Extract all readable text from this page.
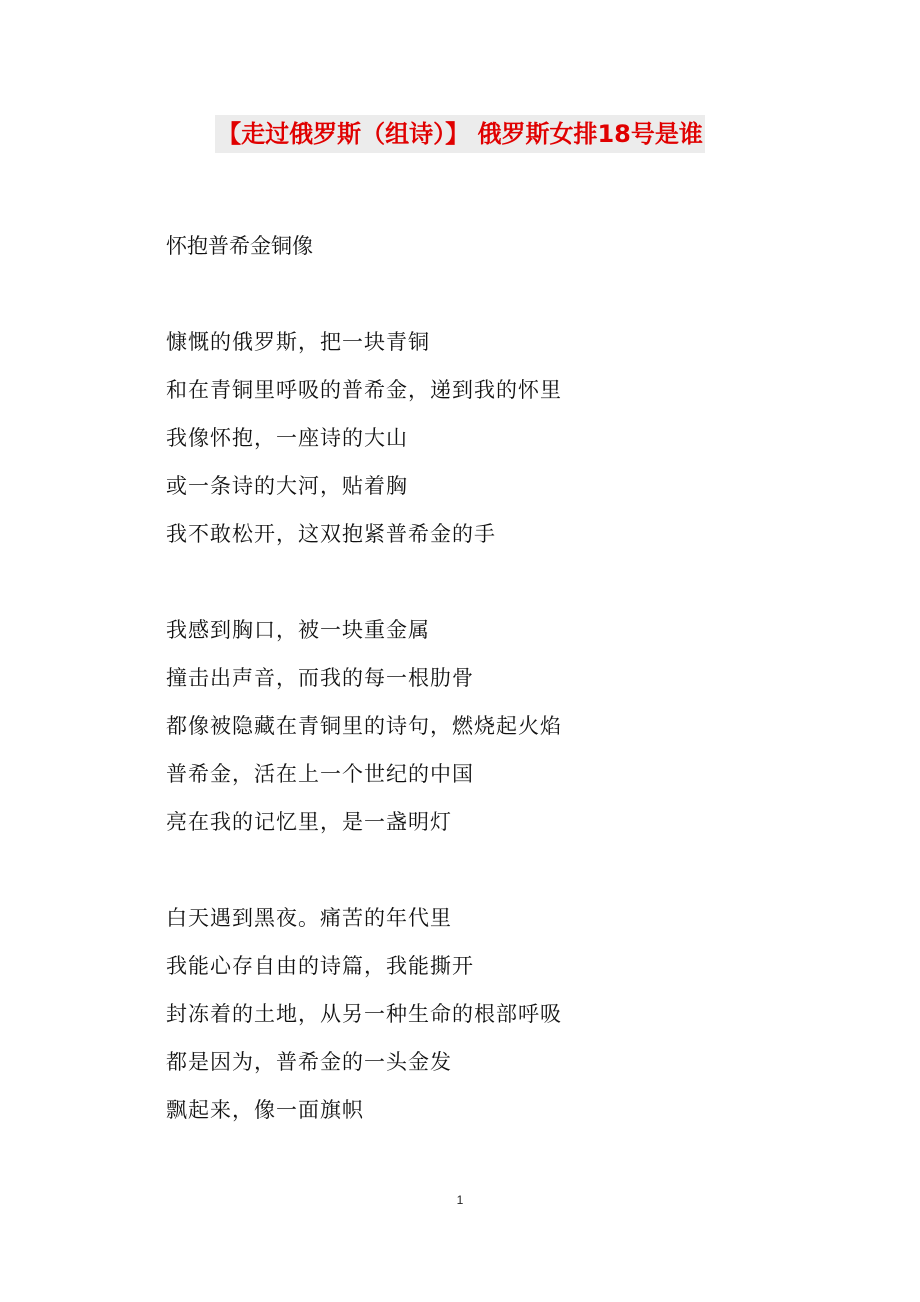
【走过俄罗斯（组诗）】 俄罗斯女排18号是谁
怀抱普希金铜像
慷慨的俄罗斯，把一块青铜
和在青铜里呼吸的普希金，递到我的怀里
我像怀抱，一座诗的大山
或一条诗的大河，贴着胸
我不敢松开，这双抱紧普希金的手
我感到胸口，被一块重金属
撞击出声音，而我的每一根肋骨
都像被隐藏在青铜里的诗句，燃烧起火焰
普希金，活在上一个世纪的中国
亮在我的记忆里，是一盏明灯
白天遇到黑夜。痛苦的年代里
我能心存自由的诗篇，我能撕开
封冻着的土地，从另一种生命的根部呼吸
都是因为，普希金的一头金发
飘起来，像一面旗帜
1
